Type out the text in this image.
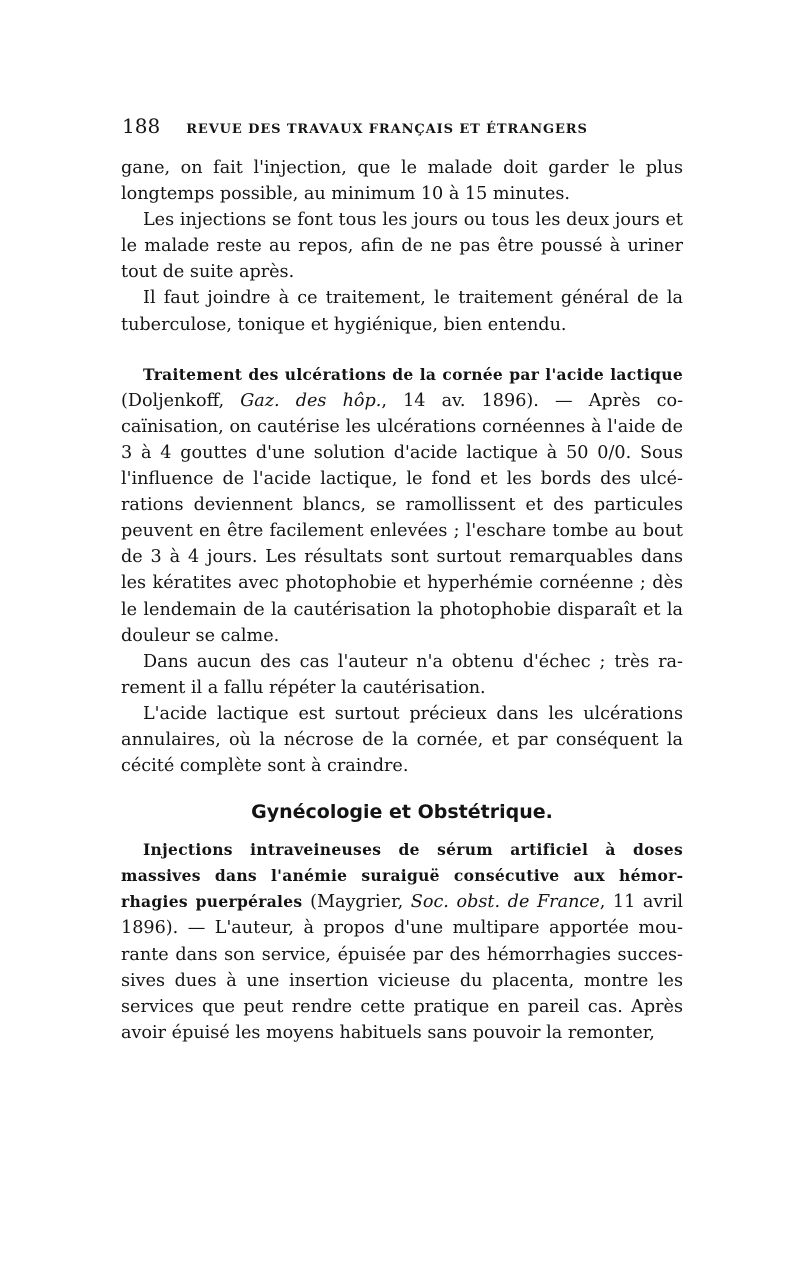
188 REVUE DES TRAVAUX FRANÇAIS ET ÉTRANGERS

gane, on fait l'injection, que le malade doit garder le plus longtemps possible, au minimum 10 à 15 minutes.

Les injections se font tous les jours ou tous les deux jours et le malade reste au repos, afin de ne pas être poussé à uriner tout de suite après.

Il faut joindre à ce traitement, le traitement général de la tuberculose, tonique et hygiénique, bien entendu.

Traitement des ulcérations de la cornée par l'acide lactique (Doljenkoff, Gaz. des hôp., 14 av. 1896). — Après cocaïnisation, on cautérise les ulcérations cornéennes à l'aide de 3 à 4 gouttes d'une solution d'acide lactique à 50 0/0. Sous l'influence de l'acide lactique, le fond et les bords des ulcérations deviennent blancs, se ramollissent et des particules peuvent en être facilement enlevées ; l'eschare tombe au bout de 3 à 4 jours. Les résultats sont surtout remarquables dans les kératites avec photophobie et hyperhémie cornéenne ; dès le lendemain de la cautérisation la photophobie disparaît et la douleur se calme.

Dans aucun des cas l'auteur n'a obtenu d'échec ; très rarement il a fallu répéter la cautérisation.

L'acide lactique est surtout précieux dans les ulcérations annulaires, où la nécrose de la cornée, et par conséquent la cécité complète sont à craindre.

Gynécologie et Obstétrique.

Injections intraveineuses de sérum artificiel à doses massives dans l'anémie suraiguë consécutive aux hémorrhagies puerpérales (Maygrier, Soc. obst. de France, 11 avril 1896). — L'auteur, à propos d'une multipare apportée mourante dans son service, épuisée par des hémorrhagies successives dues à une insertion vicieuse du placenta, montre les services que peut rendre cette pratique en pareil cas. Après avoir épuisé les moyens habituels sans pouvoir la remonter,
